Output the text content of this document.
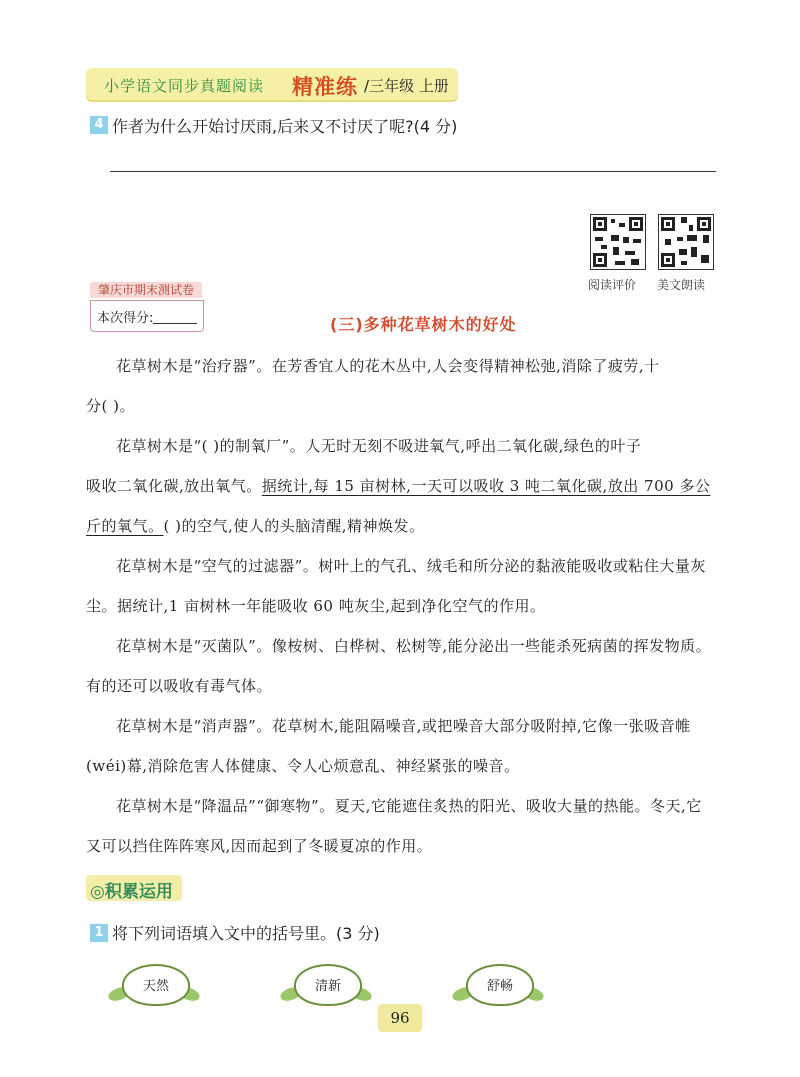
小学语文同步真题阅读 精准练 /三年级 上册
4 作者为什么开始讨厌雨,后来又不讨厌了呢?(4 分)
阅读评价 美文朗读
肇庆市期末测试卷
本次得分:	(三)多种花草树木的好处
花草树木是“治疗器”。在芳香宜人的花木丛中,人会变得精神松弛,消除了疲劳,十
分( )。
花草树木是“( )的制氧厂”。人无时无刻不吸进氧气,呼出二氧化碳,绿色的叶子
吸收二氧化碳,放出氧气。据统计,每 15 亩树林,一天可以吸收 3 吨二氧化碳,放出 700 多公斤的氧气。( )的空气,使人的头脑清醒,精神焕发。
花草树木是“空气的过滤器”。树叶上的气孔、绒毛和所分泌的黏液能吸收或粘住大量灰
尘。据统计,1 亩树林一年能吸收 60 吨灰尘,起到净化空气的作用。
花草树木是“灭菌队”。像桉树、白桦树、松树等,能分泌出一些能杀死病菌的挥发物质。
有的还可以吸收有毒气体。
花草树木是“消声器”。花草树木,能阻隔噪音,或把噪音大部分吸附掉,它像一张吸音帷
(wéi)幕,消除危害人体健康、令人心烦意乱、神经紧张的噪音。
花草树木是“降温品”“御寒物”。夏天,它能遮住炙热的阳光、吸收大量的热能。冬天,它
又可以挡住阵阵寒风,因而起到了冬暖夏凉的作用。
◎积累运用
1 将下列词语填入文中的括号里。(3 分)
天然	清新	舒畅
96
